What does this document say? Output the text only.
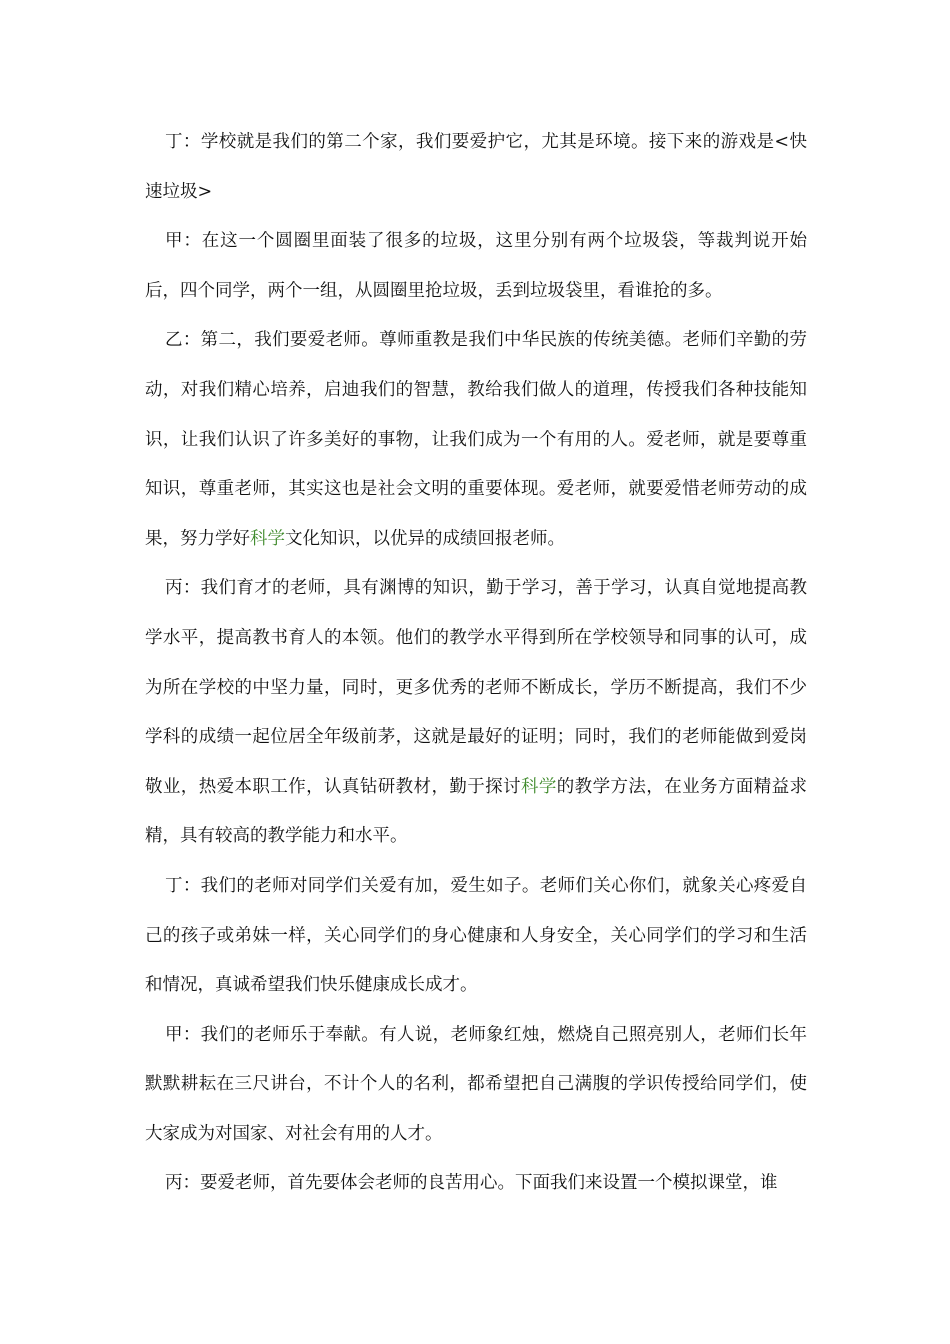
丁：学校就是我们的第二个家，我们要爱护它，尤其是环境。接下来的游戏是<快速垃圾>

甲：在这一个圆圈里面装了很多的垃圾，这里分别有两个垃圾袋，等裁判说开始后，四个同学，两个一组，从圆圈里抢垃圾，丢到垃圾袋里，看谁抢的多。

乙：第二，我们要爱老师。尊师重教是我们中华民族的传统美德。老师们辛勤的劳动，对我们精心培养，启迪我们的智慧，教给我们做人的道理，传授我们各种技能知识，让我们认识了许多美好的事物，让我们成为一个有用的人。爱老师，就是要尊重知识，尊重老师，其实这也是社会文明的重要体现。爱老师，就要爱惜老师劳动的成果，努力学好科学文化知识，以优异的成绩回报老师。

丙：我们育才的老师，具有渊博的知识，勤于学习，善于学习，认真自觉地提高教学水平，提高教书育人的本领。他们的教学水平得到所在学校领导和同事的认可，成为所在学校的中坚力量，同时，更多优秀的老师不断成长，学历不断提高，我们不少学科的成绩一起位居全年级前茅，这就是最好的证明；同时，我们的老师能做到爱岗敬业，热爱本职工作，认真钻研教材，勤于探讨科学的教学方法，在业务方面精益求精，具有较高的教学能力和水平。

丁：我们的老师对同学们关爱有加，爱生如子。老师们关心你们，就象关心疼爱自己的孩子或弟妹一样，关心同学们的身心健康和人身安全，关心同学们的学习和生活和情况，真诚希望我们快乐健康成长成才。

甲：我们的老师乐于奉献。有人说，老师象红烛，燃烧自己照亮别人，老师们长年默默耕耘在三尺讲台，不计个人的名利，都希望把自己满腹的学识传授给同学们，使大家成为对国家、对社会有用的人才。

丙：要爱老师，首先要体会老师的良苦用心。下面我们来设置一个模拟课堂，谁
